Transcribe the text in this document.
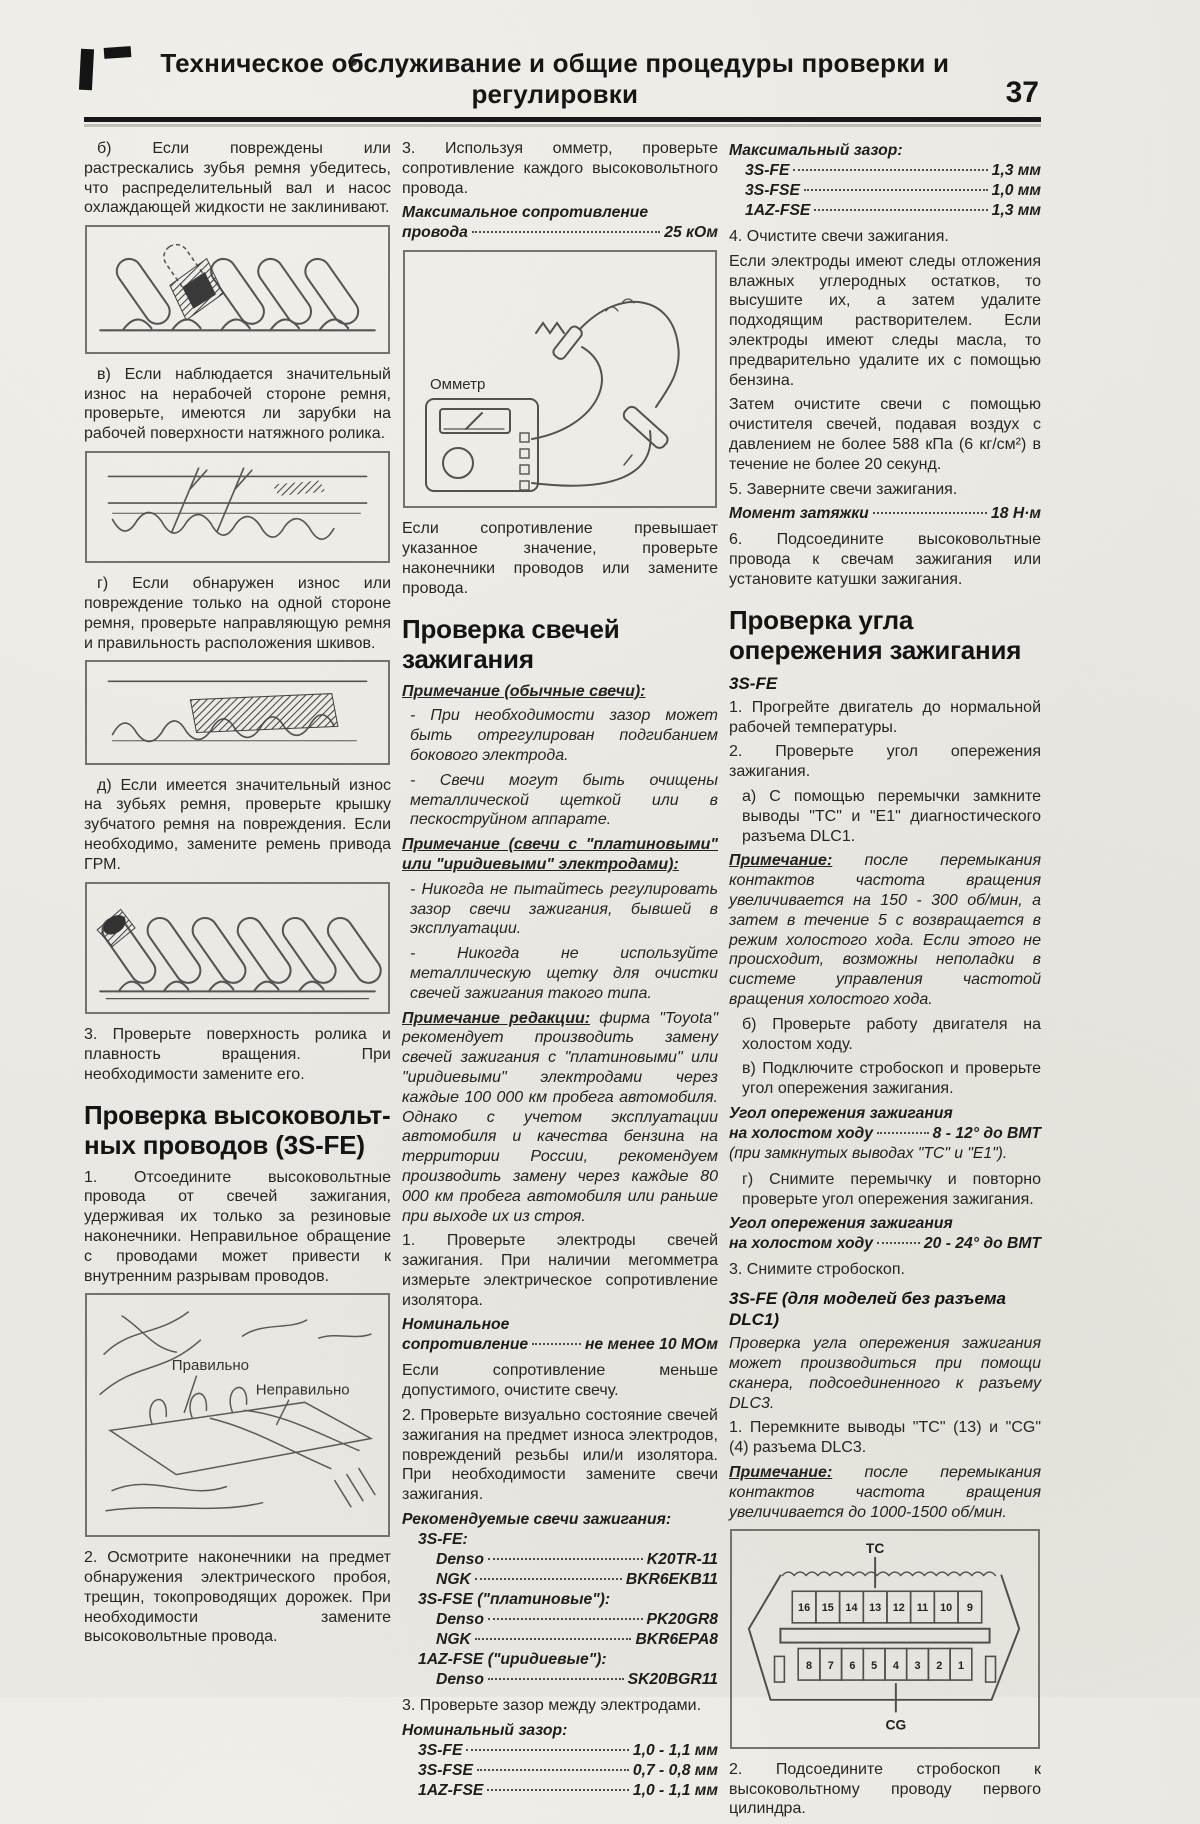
Техническое обслуживание и общие процедуры проверки и регулировки	37

б) Если повреждены или растрескались зубья ремня убедитесь, что распределительный вал и насос охлаждающей жидкости не заклинивают.

в) Если наблюдается значительный износ на нерабочей стороне ремня, проверьте, имеются ли зарубки на рабочей поверхности натяжного ролика.

г) Если обнаружен износ или повреждение только на одной стороне ремня, проверьте направляющую ремня и правильность расположения шкивов.

д) Если имеется значительный износ на зубьях ремня, проверьте крышку зубчатого ремня на повреждения. Если необходимо, замените ремень привода ГРМ.

3. Проверьте поверхность ролика и плавность вращения. При необходимости замените его.

Проверка высоковольтных проводов (3S-FE)

1. Отсоедините высоковольтные провода от свечей зажигания, удерживая их только за резиновые наконечники. Неправильное обращение с проводами может привести к внутренним разрывам проводов.

Правильно
Неправильно

2. Осмотрите наконечники на предмет обнаружения электрического пробоя, трещин, токопроводящих дорожек. При необходимости замените высоковольтные провода.

3. Используя омметр, проверьте сопротивление каждого высоковольтного провода.

Максимальное сопротивление
провода	25 кОм
Омметр

Если сопротивление превышает указанное значение, проверьте наконечники проводов или замените провода.

Проверка свечей зажигания

Примечание (обычные свечи):

- При необходимости зазор может быть отрегулирован подгибанием бокового электрода.

- Свечи могут быть очищены металлической щеткой или в пескоструйном аппарате.

Примечание (свечи с "платиновыми" или "иридиевыми" электродами):

- Никогда не пытайтесь регулировать зазор свечи зажигания, бывшей в эксплуатации.

- Никогда не используйте металлическую щетку для очистки свечей зажигания такого типа.

Примечание редакции: фирма "Toyota" рекомендует производить замену свечей зажигания с "платиновыми" или "иридиевыми" электродами через каждые 100 000 км пробега автомобиля. Однако с учетом эксплуатации автомобиля и качества бензина на территории России, рекомендуем производить замену через каждые 80 000 км пробега автомобиля или раньше при выходе их из строя.

1. Проверьте электроды свечей зажигания. При наличии мегомметра измерьте электрическое сопротивление изолятора.

Номинальное
сопротивление	не менее 10 МОм

Если сопротивление меньше допустимого, очистите свечу.

2. Проверьте визуально состояние свечей зажигания на предмет износа электродов, повреждений резьбы или/и изолятора. При необходимости замените свечи зажигания.

Рекомендуемые свечи зажигания:
3S-FE:
Denso	K20TR-11
NGK	BKR6EKB11
3S-FSE ("платиновые"):
Denso	PK20GR8
NGK	BKR6EPA8
1AZ-FSE ("иридиевые"):
Denso	SK20BGR11

3. Проверьте зазор между электродами.

Номинальный зазор:
3S-FE	1,0 - 1,1 мм
3S-FSE	0,7 - 0,8 мм
1AZ-FSE	1,0 - 1,1 мм
Максимальный зазор:
3S-FE	1,3 мм
3S-FSE	1,0 мм
1AZ-FSE	1,3 мм

4. Очистите свечи зажигания.

Если электроды имеют следы отложения влажных углеродных остатков, то высушите их, а затем удалите подходящим растворителем. Если электроды имеют следы масла, то предварительно удалите их с помощью бензина.

Затем очистите свечи с помощью очистителя свечей, подавая воздух с давлением не более 588 кПа (6 кг/см²) в течение не более 20 секунд.

5. Заверните свечи зажигания.

Момент затяжки	18 Н·м

6. Подсоедините высоковольтные провода к свечам зажигания или установите катушки зажигания.

Проверка угла опережения зажигания
3S-FE

1. Прогрейте двигатель до нормальной рабочей температуры.

2. Проверьте угол опережения зажигания.

а) С помощью перемычки замкните выводы "TC" и "E1" диагностического разъема DLC1.

Примечание: после перемыкания контактов частота вращения увеличивается на 150 - 300 об/мин, а затем в течение 5 с возвращается в режим холостого хода. Если этого не происходит, возможны неполадки в системе управления частотой вращения холостого хода.

б) Проверьте работу двигателя на холостом ходу.

в) Подключите стробоскоп и проверьте угол опережения зажигания.

Угол опережения зажигания
на холостом ходу	8 - 12° до ВМТ
(при замкнутых выводах "TC" и "E1").

г) Снимите перемычку и повторно проверьте угол опережения зажигания.

Угол опережения зажигания
на холостом ходу	20 - 24° до ВМТ

3. Снимите стробоскоп.

3S-FE (для моделей без разъема DLC1)

Проверка угла опережения зажигания может производиться при помощи сканера, подсоединенного к разъему DLC3.

1. Перемкните выводы "TC" (13) и "CG" (4) разъема DLC3.

Примечание: после перемыкания контактов частота вращения увеличивается до 1000-1500 об/мин.

TC
16 15 14 13 12 11 10 9
8 7 6 5 4 3 2 1
CG

2. Подсоедините стробоскоп к высоковольтному проводу первого цилиндра.
